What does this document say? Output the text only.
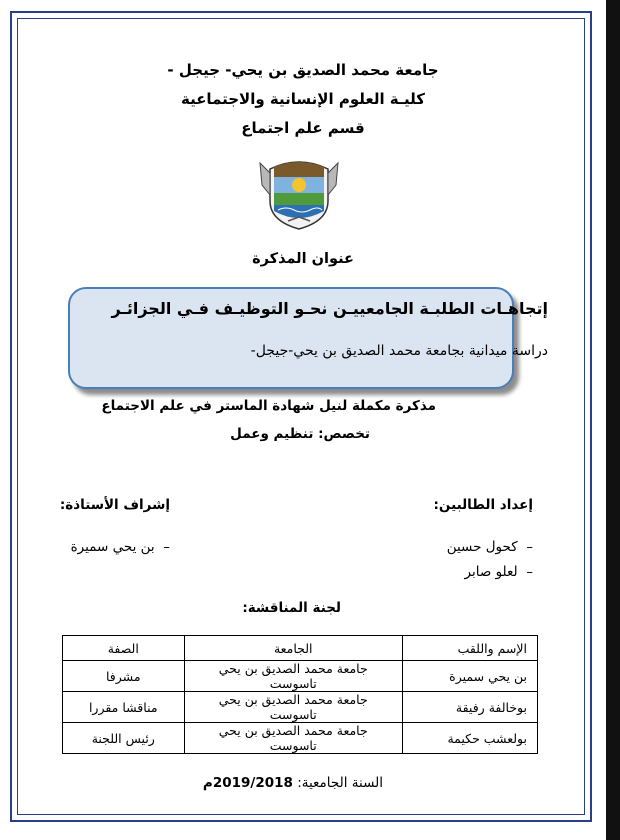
جامعة محمد الصديق بن يحي- جيجل -
كليـة العلوم الإنسانية والاجتماعية
قسم علم اجتماع
عنوان المذكرة
إتجاهـات الطلبـة الجامعييـن نحـو التوظيـف فـي الجزائـر
دراسة ميدانية بجامعة محمد الصديق بن يحي-جيجل-
مذكرة مكملة لنيل شهادة الماستر في علم الاجتماع
تخصص: تنظيم وعمل
إعداد الطالبين:
إشراف الأستاذة:
–  كحول حسين
–  لعلو صابر
–  بن يحي سميرة
لجنة المناقشة:
الإسم واللقب	الجامعة	الصفة
بن يحي سميرة	جامعة محمد الصديق بن يحي تاسوست	مشرفا
بوخالفة رفيقة	جامعة محمد الصديق بن يحي تاسوست	مناقشا مقررا
بولعشب حكيمة	جامعة محمد الصديق بن يحي تاسوست	رئيس اللجنة
السنة الجامعية: 2019/2018م
